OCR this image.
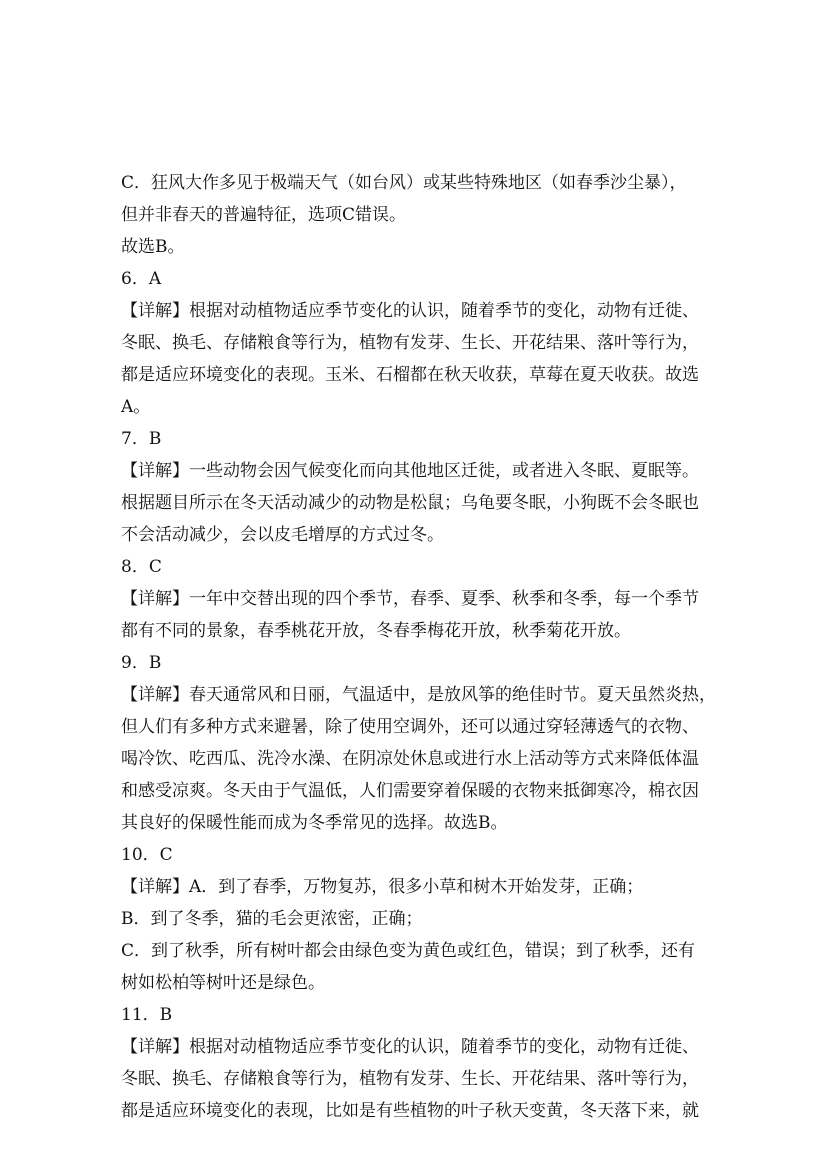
C．狂风大作多见于极端天气（如台风）或某些特殊地区（如春季沙尘暴），
但并非春天的普遍特征，选项C错误。
故选B。
6．A
【详解】根据对动植物适应季节变化的认识，随着季节的变化，动物有迁徙、
冬眠、换毛、存储粮食等行为，植物有发芽、生长、开花结果、落叶等行为，
都是适应环境变化的表现。玉米、石榴都在秋天收获，草莓在夏天收获。故选
A。
7．B
【详解】一些动物会因气候变化而向其他地区迁徙，或者进入冬眠、夏眠等。
根据题目所示在冬天活动减少的动物是松鼠；乌龟要冬眠，小狗既不会冬眠也
不会活动减少，会以皮毛增厚的方式过冬。
8．C
【详解】一年中交替出现的四个季节，春季、夏季、秋季和冬季，每一个季节
都有不同的景象，春季桃花开放，冬春季梅花开放，秋季菊花开放。
9．B
【详解】春天通常风和日丽，气温适中，是放风筝的绝佳时节。夏天虽然炎热，
但人们有多种方式来避暑，除了使用空调外，还可以通过穿轻薄透气的衣物、
喝冷饮、吃西瓜、洗冷水澡、在阴凉处休息或进行水上活动等方式来降低体温
和感受凉爽。冬天由于气温低，人们需要穿着保暖的衣物来抵御寒冷，棉衣因
其良好的保暖性能而成为冬季常见的选择。故选B。
10．C
【详解】A．到了春季，万物复苏，很多小草和树木开始发芽，正确；
B．到了冬季，猫的毛会更浓密，正确；
C．到了秋季，所有树叶都会由绿色变为黄色或红色，错误；到了秋季，还有
树如松柏等树叶还是绿色。
11．B
【详解】根据对动植物适应季节变化的认识，随着季节的变化，动物有迁徙、
冬眠、换毛、存储粮食等行为，植物有发芽、生长、开花结果、落叶等行为，
都是适应环境变化的表现，比如是有些植物的叶子秋天变黄，冬天落下来，就
